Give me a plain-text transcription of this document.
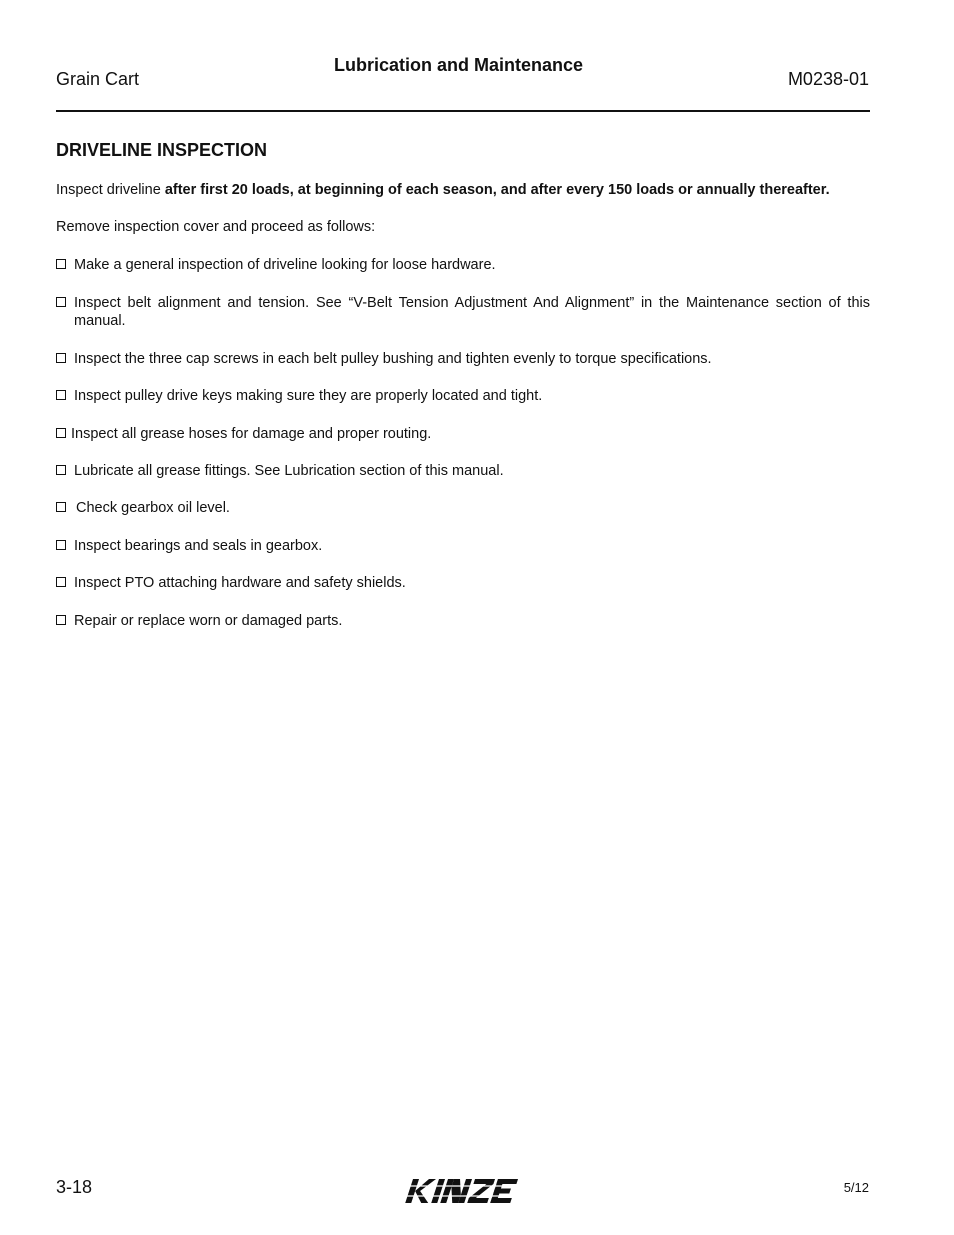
Grain Cart
Lubrication and Maintenance
M0238-01
DRIVELINE INSPECTION
Inspect driveline after first 20 loads, at beginning of each season, and after every 150 loads or annually thereafter.
Remove inspection cover and proceed as follows:
Make a general inspection of driveline looking for loose hardware.
Inspect belt alignment and tension. See “V-Belt Tension Adjustment And Alignment” in the Maintenance section of this manual.
Inspect the three cap screws in each belt pulley bushing and tighten evenly to torque specifications.
Inspect pulley drive keys making sure they are properly located and tight.
Inspect all grease hoses for damage and proper routing.
Lubricate all grease fittings. See Lubrication section of this manual.
Check gearbox oil level.
Inspect bearings and seals in gearbox.
Inspect PTO attaching hardware and safety shields.
Repair or replace worn or damaged parts.
3-18	5/12
